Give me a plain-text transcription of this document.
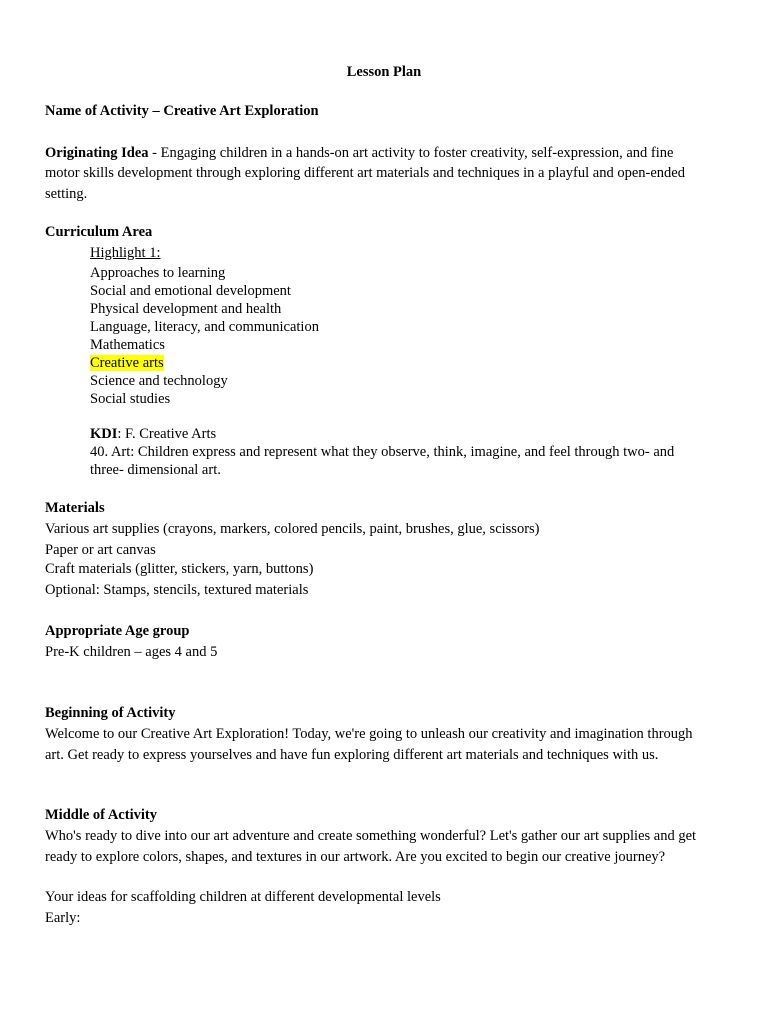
Lesson Plan
Name of Activity – Creative Art Exploration
Originating Idea - Engaging children in a hands-on art activity to foster creativity, self-expression, and fine
motor skills development through exploring different art materials and techniques in a playful and open-ended
setting.
Curriculum Area
Highlight 1:
Approaches to learning
Social and emotional development
Physical development and health
Language, literacy, and communication
Mathematics
Creative arts
Science and technology
Social studies
KDI: F. Creative Arts
40. Art: Children express and represent what they observe, think, imagine, and feel through two- and
three- dimensional art.
Materials
Various art supplies (crayons, markers, colored pencils, paint, brushes, glue, scissors)
Paper or art canvas
Craft materials (glitter, stickers, yarn, buttons)
Optional: Stamps, stencils, textured materials
Appropriate Age group
Pre-K children – ages 4 and 5
Beginning of Activity
Welcome to our Creative Art Exploration! Today, we're going to unleash our creativity and imagination through
art. Get ready to express yourselves and have fun exploring different art materials and techniques with us.
Middle of Activity
Who's ready to dive into our art adventure and create something wonderful? Let's gather our art supplies and get
ready to explore colors, shapes, and textures in our artwork. Are you excited to begin our creative journey?
Your ideas for scaffolding children at different developmental levels
Early:
